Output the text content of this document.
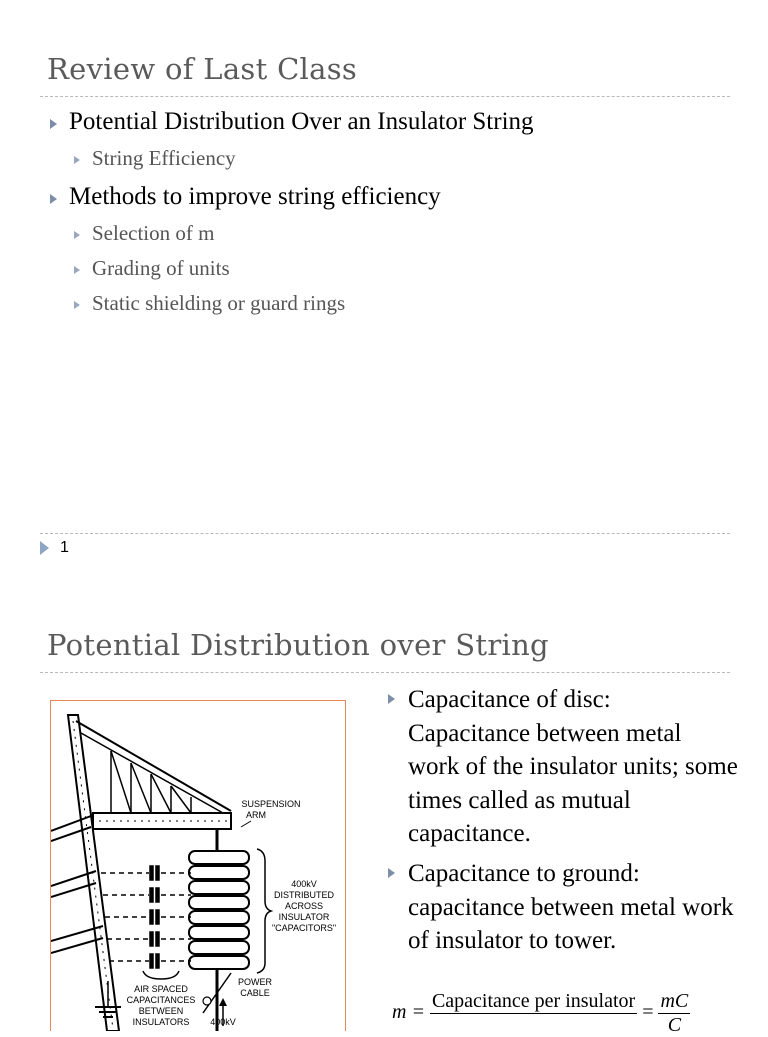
Review of Last Class
Potential Distribution Over an Insulator String
String Efficiency
Methods to improve string efficiency
Selection of m
Grading of units
Static shielding or guard rings
1
Potential Distribution over String
SUSPENSION
ARM
400kV
DISTRIBUTED
ACROSS
INSULATOR
"CAPACITORS"
POWER
CABLE
AIR SPACED
CAPACITANCES
BETWEEN
INSULATORS 400kV
Capacitance of disc: Capacitance between metal work of the insulator units; some times called as mutual capacitance.
Capacitance to ground: capacitance between metal work of insulator to tower.
m =
Capacitance per insulator

= $\frac{mC}{C}$
